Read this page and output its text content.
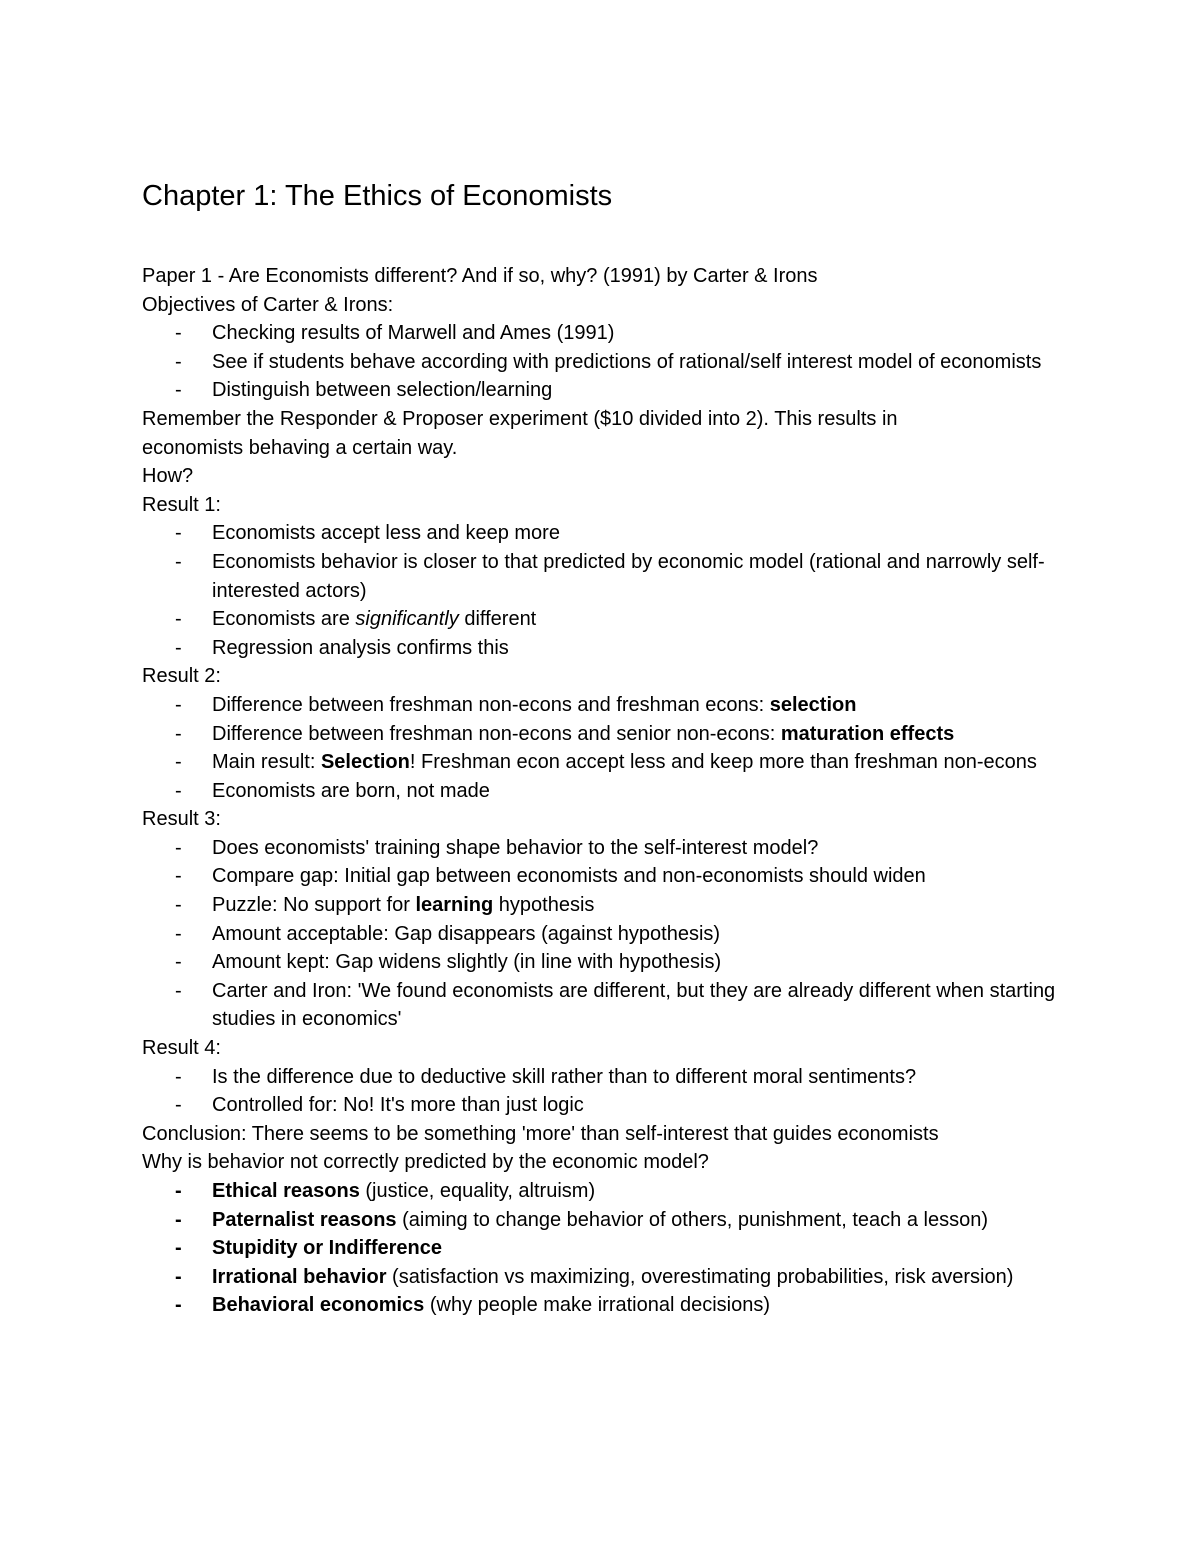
Chapter 1: The Ethics of Economists
Paper 1 - Are Economists different? And if so, why? (1991) by Carter & Irons
Objectives of Carter & Irons:
- Checking results of Marwell and Ames (1991)
- See if students behave according with predictions of rational/self interest model of economists
- Distinguish between selection/learning
Remember the Responder & Proposer experiment ($10 divided into 2). This results in
economists behaving a certain way.
How?
Result 1:
- Economists accept less and keep more
- Economists behavior is closer to that predicted by economic model (rational and narrowly self-interested actors)
- Economists are significantly different
- Regression analysis confirms this
Result 2:
- Difference between freshman non-econs and freshman econs: selection
- Difference between freshman non-econs and senior non-econs: maturation effects
- Main result: Selection! Freshman econ accept less and keep more than freshman non-econs
- Economists are born, not made
Result 3:
- Does economists' training shape behavior to the self-interest model?
- Compare gap: Initial gap between economists and non-economists should widen
- Puzzle: No support for learning hypothesis
- Amount acceptable: Gap disappears (against hypothesis)
- Amount kept: Gap widens slightly (in line with hypothesis)
- Carter and Iron: 'We found economists are different, but they are already different when starting studies in economics'
Result 4:
- Is the difference due to deductive skill rather than to different moral sentiments?
- Controlled for: No! It's more than just logic
Conclusion: There seems to be something 'more' than self-interest that guides economists
Why is behavior not correctly predicted by the economic model?
- Ethical reasons (justice, equality, altruism)
- Paternalist reasons (aiming to change behavior of others, punishment, teach a lesson)
- Stupidity or Indifference
- Irrational behavior (satisfaction vs maximizing, overestimating probabilities, risk aversion)
- Behavioral economics (why people make irrational decisions)
